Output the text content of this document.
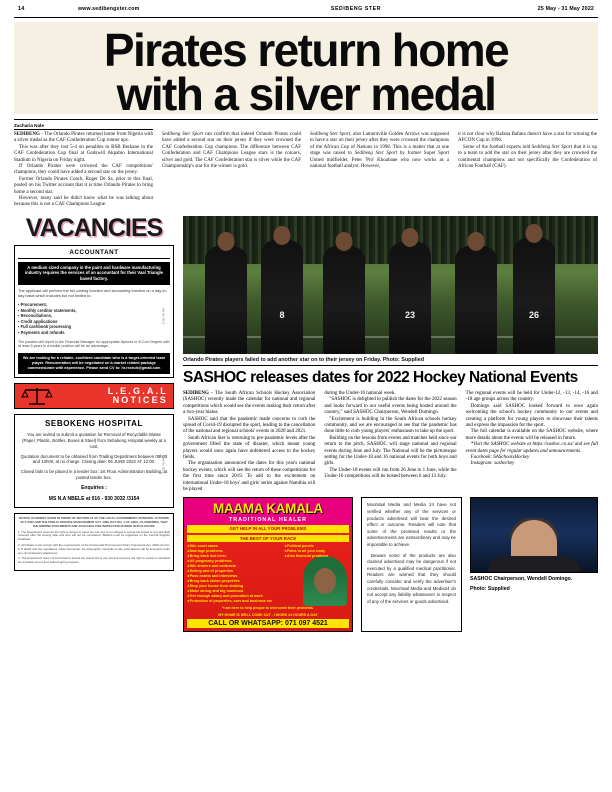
14	www.sedibengster.com	SEDIBENG STER	25 May - 31 May 2022
Pirates return home
with a silver medal
Zacharia Nale

SEDIBENG - The Orlando Pirates returned home from Nigeria with a silver medal as the CAF Confederation Cup runner ups.

This was after they lost 5-4 on penalties to RSB Berkane in the CAF Confederation Cup final at Godswill Akpabio International Stadium in Nigeria on Friday night.

If Orlando Pirates were crowned the CAF competitions' champions, they could have added a second star on the jersey.

Former Orlando Pirates Coach, Roger De Sa, prior to this final, posted on his Twitter account that it is time Orlando Pirates to bring home a second star.

However, many said he didn't know what he was talking about because this is not a CAF Champions League.

Sedibeng Ster Sport can confirm that indeed Orlando Pirates could have added a second star on their jersey if they were crowned the CAF Confederation Cup champions. The difference between CAF Confederation and CAF Champions League stars is the colours, silver and gold. The CAF Confederation star is silver while the CAF Championship's star for the winner is gold.

Sedibeng Ster Sport, also Lamontville Golden Arrows was supposed to have a star on their jersey after they were crowned the champions of the African Cup of Nations in 1998. This is a matter that at one stage was raised to Sedibeng Ster Sport by former Super Sport United midfielder, Peter 'Pro' Khoabane who now works as a national football analyst. However,

it is not clear why Bafana Bafana doesn't have a star for winning the AFCON Cup in 1996.

Some of the football experts told Sedibeng Ster Sport that it is up to a team to add the star on their jersey after they are crowned the continental champions and not specifically the Confederation of African Football (CAF).

VACANCIES
ACCOUNTANT
A medium sized company in the paint and hardware manufacturing industry requires the services of an accountant for their Vaal Triangle based factory.
The applicant will perform the full costing function and accounting function on a day-to-day basis which includes but not limited to:
▪ Procurement,
▪ Monthly creditor statements,
▪ Reconciliations,
▪ Credit applications
▪ Full cashbook processing
▪ Payments and refunds
The position will report to the Financial Manager. An appropriate diploma or B.Com Degree with at least 5 years in a similar position will be an advantage.
We are looking for a reliable, confident candidate who is a target-oriented team player. Remuneration will be negotiated on a market related package commensurate with experience. Please send CV to: hr.recruit@gmail.com
Ref No 0012
L.E.G.A.L
NOTICES
SEBOKENG HOSPITAL
You are invited to submit a quotation for Removal of Recyclable Waste (Paper, Plastic, Bottles, Boxes & Steel) from Sebokeng Hospital weekly at a cost.
Quotation document to be obtained from Trading Department between 08h00 and 13h00, at no charge. Closing date: 06 JUNE 2022 AT 12:00.
Closed bids to be placed in a tender box: 1st Floor Administration Building, at posted tender box.
Enquiries :
MS N.A NBELE at 016 - 930 3032 /3154
Ref No 0012
NOTICE IS HEREBY GIVEN IN TERMS OF SECTION 21 OF THE LOCAL GOVERNMENT: MUNICIPAL SYSTEMS ACT, 2000 AND THE PUBLIC FINANCE MANAGEMENT ACT, 1999 (ACT NO. 1 OF 1999), AS AMENDED, THAT THE BIDDING DOCUMENTS ARE AVAILABLE FOR INSPECTION DURING OFFICE HOURS.

1. The Department reserves the right to accept or reject any bid and is not obliged to accept the lowest or any bid. Bids received after the closing date and time will not be considered. Bidders must be registered on the Central Supplier Database.

2. All bidders must comply with the requirements of the Preferential Procurement Policy Framework Act, 2000 (Act No. 5 of 2000) and the regulations made thereunder. No telegraphic, facsimile or late submissions will be accepted under any circumstances whatsoever.

3. The Department does not bind itself to accept the lowest bid or any bid and reserves the right to cancel or withdraw the invitation at any time without giving reasons.

8	23	26
Orlando Pirates players failed to add another star on to their jersey on Friday. Photo: Supplied
SASHOC releases dates for 2022 Hockey National Events

SEDIBENG - The South African Schools Hockey Association (SASHOC) recently made the calendar for national and regional competitions which would see the events making their return after a two-year hiatus.

SASHOC said that the pandemic made concerns to curb the spread of Covid-19 disrupted the sport, leading to the cancellation of the national and regional schools' events in 2020 and 2021.

South African Ster is returning to pre-pandemic levels after the government lifted the state of disaster, which meant young players would once again have unfettered access to the hockey fields.

The organisation announced the dates for this year's national hockey events, which will see the return of these competitions for the first time since 2019. To add to the excitement on international Under-18 boys' and girls' series against Namibia will be played

during the Under-16 national week.

"SASHOC is delighted to publish the dates for the 2022 season and looks forward to our useful events being hosted around the country," said SASHOC Chairperson, Wendell Domingo.

"Excitement is building in the South African schools hockey community, and we are encouraged to see that the pandemic has done little to curb young players' enthusiasm to take up the sport.

Building on the lessons from events and matches held since our return to the pitch, SASHOC will stage national and regional events during June and July. The National will be the picturesque setting for the Under-18 and 16 national events for both boys and girls.

The Under-18 events will run from 26 June to 1 June, while the Under-16 competitions will be hosted between 6 and 13 July.

The regional events will be held for Under-12, -13, -14, -16 and -18 age groups across the country.

Domingo said SASHOC looked forward to once again welcoming the school's hockey community to our events and creating a platform for young players to showcase their talents and express the impassion for the sport.

The full calendar is available on the SASHOC website, where more details about the events will be released in future.

*Visit the SASHOC website at https://sashoc.co.za/ and see full event dates page for regular updates and announcements.

Facebook: SASchoolsHockey

Instagram: sashockey

MAAMA KAMALA
TRADITIONAL HEALER
GET HELP IN ALL YOUR PROBLEMS
THE BEST OF YOUR RACE
★ Win court cases
★ Marriage problems
★ Bring back lost lover
★ All pregnancy problems
★ Win tenders and contracts
★ Selling and of properties
★ Pass exams and interviews
★ Bring back stolen properties
★ Stop your house from shaking
★ Make strong and big manhood
★ Get enough salary and promotion at work
★ Protection of properties, cars and business etc
★ Political panels
★ Pains in all your body
★ Also financial problems
*I am here to help people to overcome their problems.
MY HOME IS WELL COME 24/7 - I WORK 24 HOURS A DAY
CALL OR WHATSAPP: 071 097 4521

MooiVaal Media and Media 24 have not verified whether any of the services or products advertised will bear the desired effect or outcome. Readers will note that some of the promised results or the advertisements are extraordinary and may be impossible to achieve.

Beware some of the products are also claimed advertised may be dangerous if not executed by a qualified medical practitioner. Readers are warned that they should carefully consider and verify the advertiser's credentials. MooiVaal Media and Media24 do not accept any liability whatsoever in respect of any of the services or goods advertised.

SASHOC Chairperson, Wendell Domingo.
Photo: Supplied
